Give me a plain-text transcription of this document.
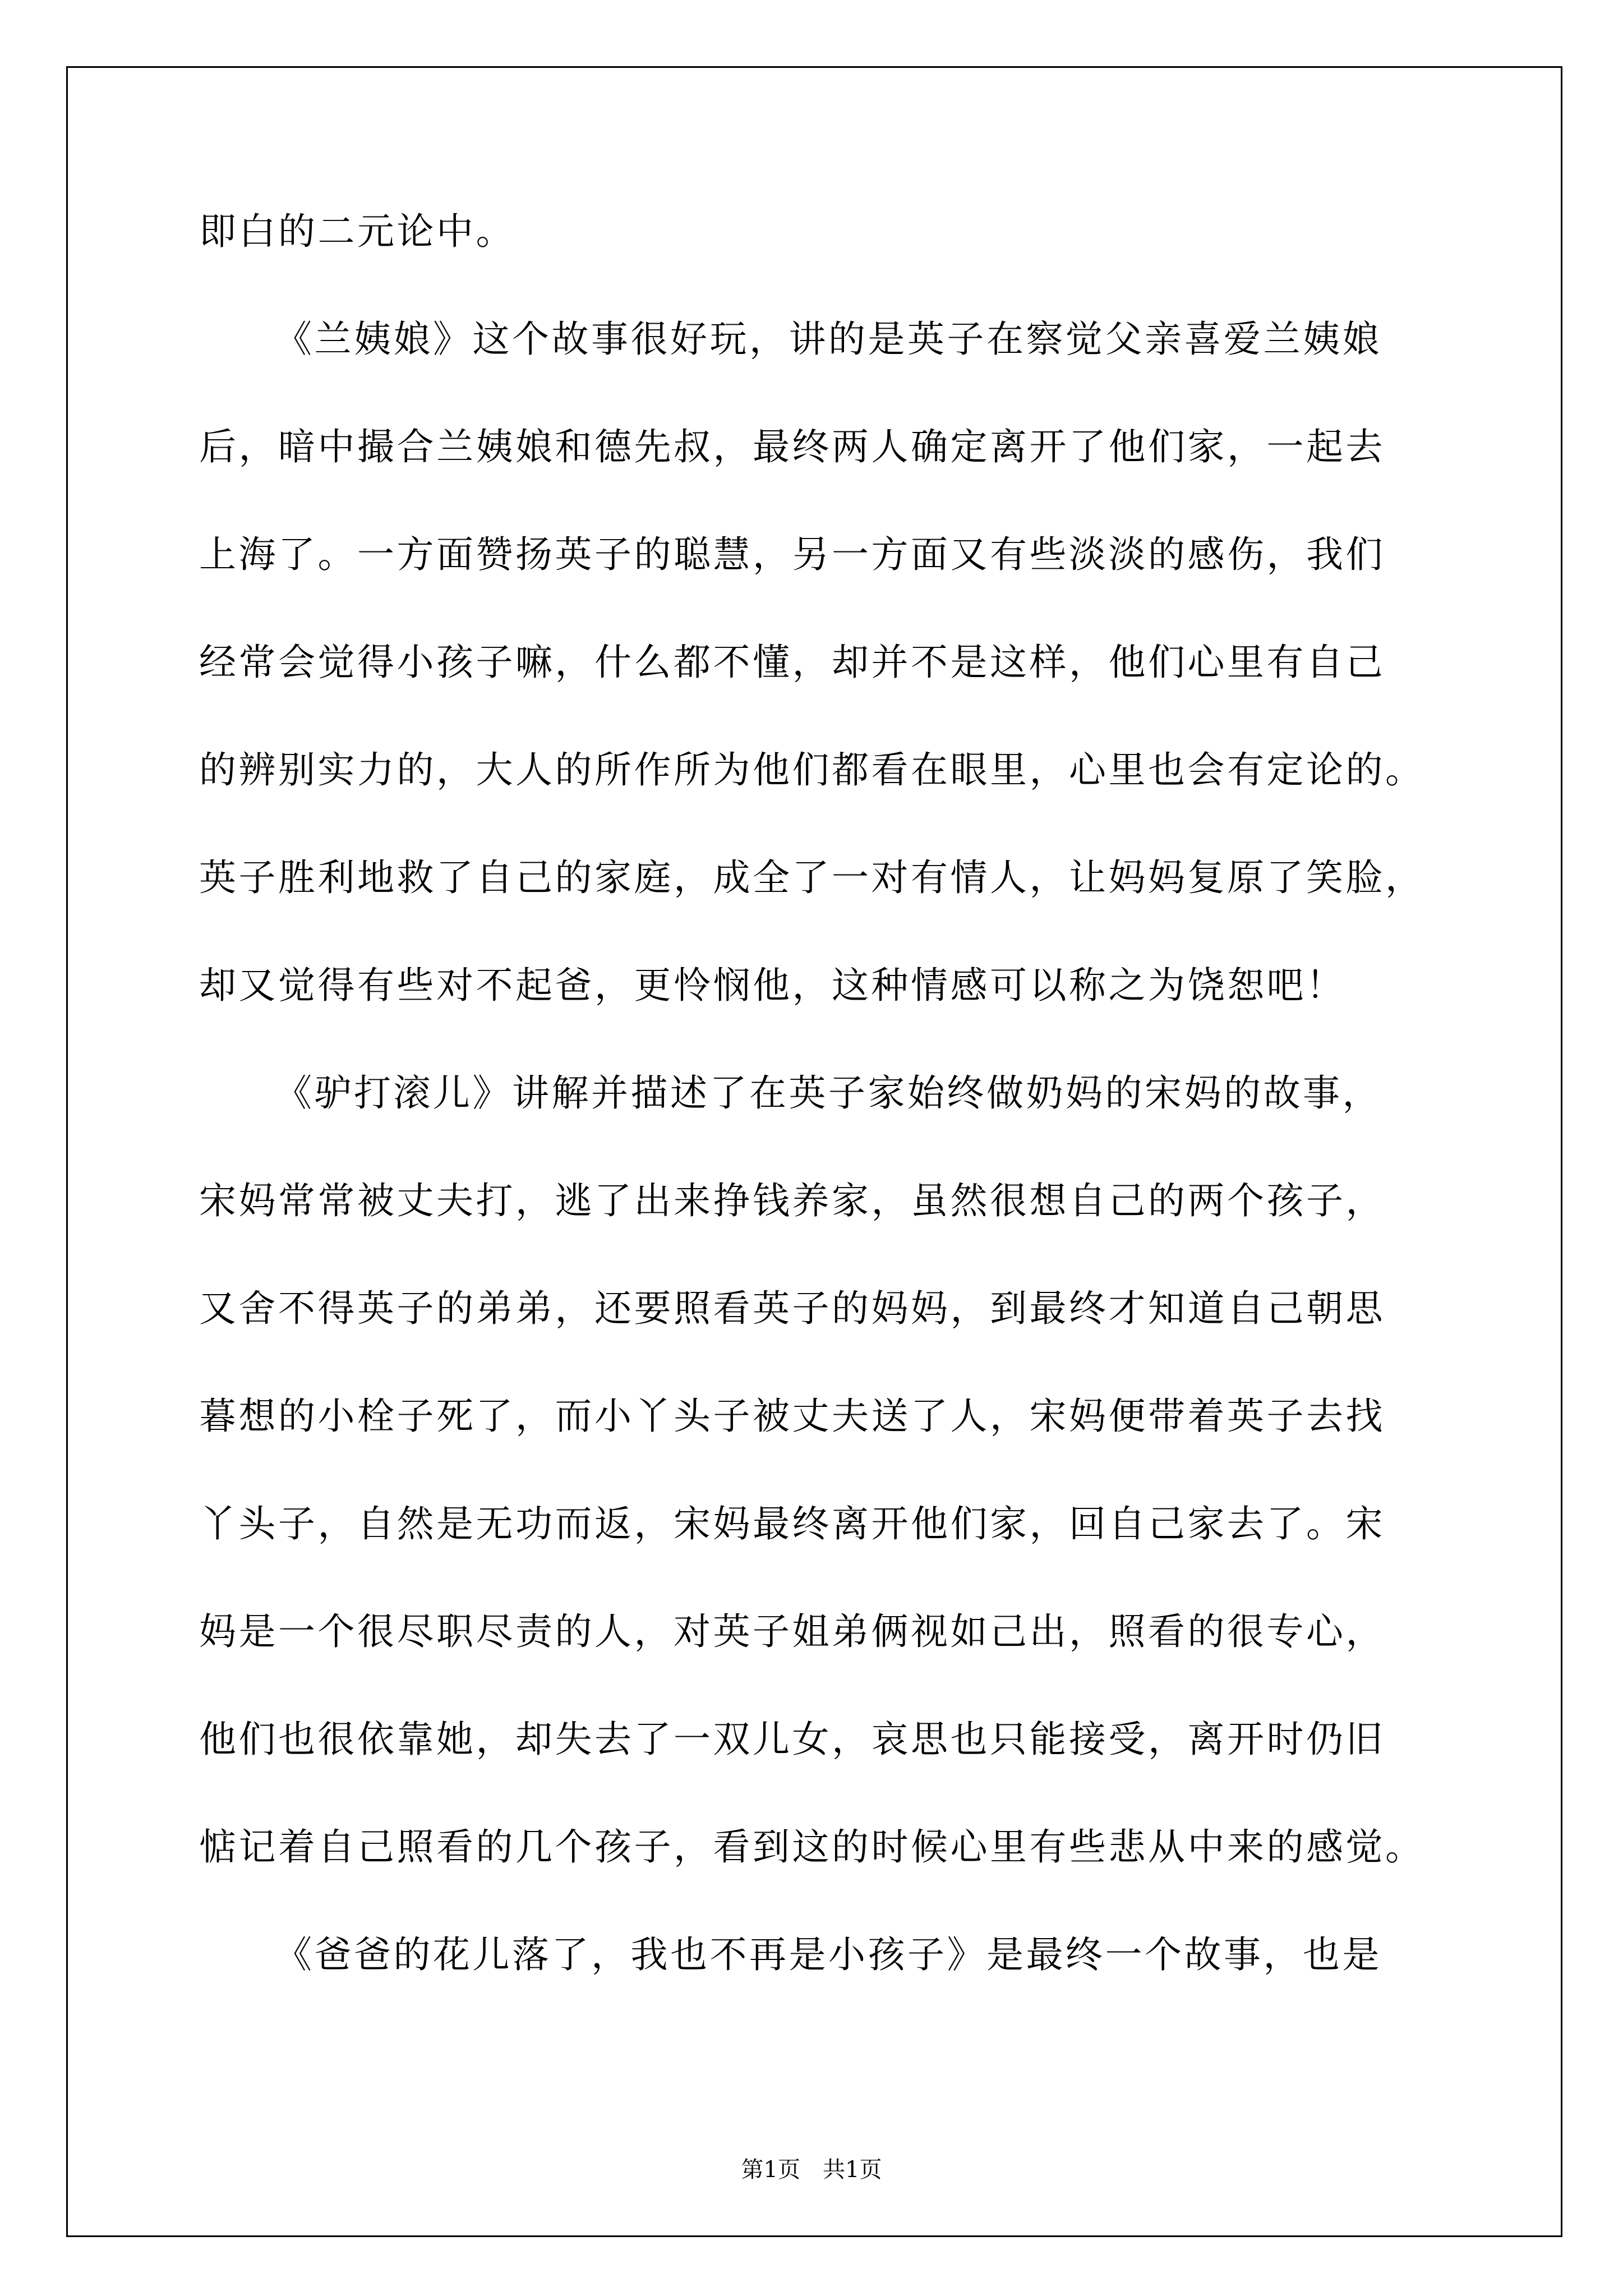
即白的二元论中。

《兰姨娘》这个故事很好玩，讲的是英子在察觉父亲喜爱兰姨娘

后，暗中撮合兰姨娘和德先叔，最终两人确定离开了他们家，一起去

上海了。一方面赞扬英子的聪慧，另一方面又有些淡淡的感伤，我们

经常会觉得小孩子嘛，什么都不懂，却并不是这样，他们心里有自己

的辨别实力的，大人的所作所为他们都看在眼里，心里也会有定论的。

英子胜利地救了自己的家庭，成全了一对有情人，让妈妈复原了笑脸，

却又觉得有些对不起爸，更怜悯他，这种情感可以称之为饶恕吧！

《驴打滚儿》讲解并描述了在英子家始终做奶妈的宋妈的故事，

宋妈常常被丈夫打，逃了出来挣钱养家，虽然很想自己的两个孩子，

又舍不得英子的弟弟，还要照看英子的妈妈，到最终才知道自己朝思

暮想的小栓子死了，而小丫头子被丈夫送了人，宋妈便带着英子去找

丫头子，自然是无功而返，宋妈最终离开他们家，回自己家去了。宋

妈是一个很尽职尽责的人，对英子姐弟俩视如己出，照看的很专心，

他们也很依靠她，却失去了一双儿女，哀思也只能接受，离开时仍旧

惦记着自己照看的几个孩子，看到这的时候心里有些悲从中来的感觉。

《爸爸的花儿落了，我也不再是小孩子》是最终一个故事，也是

第1页　共1页
